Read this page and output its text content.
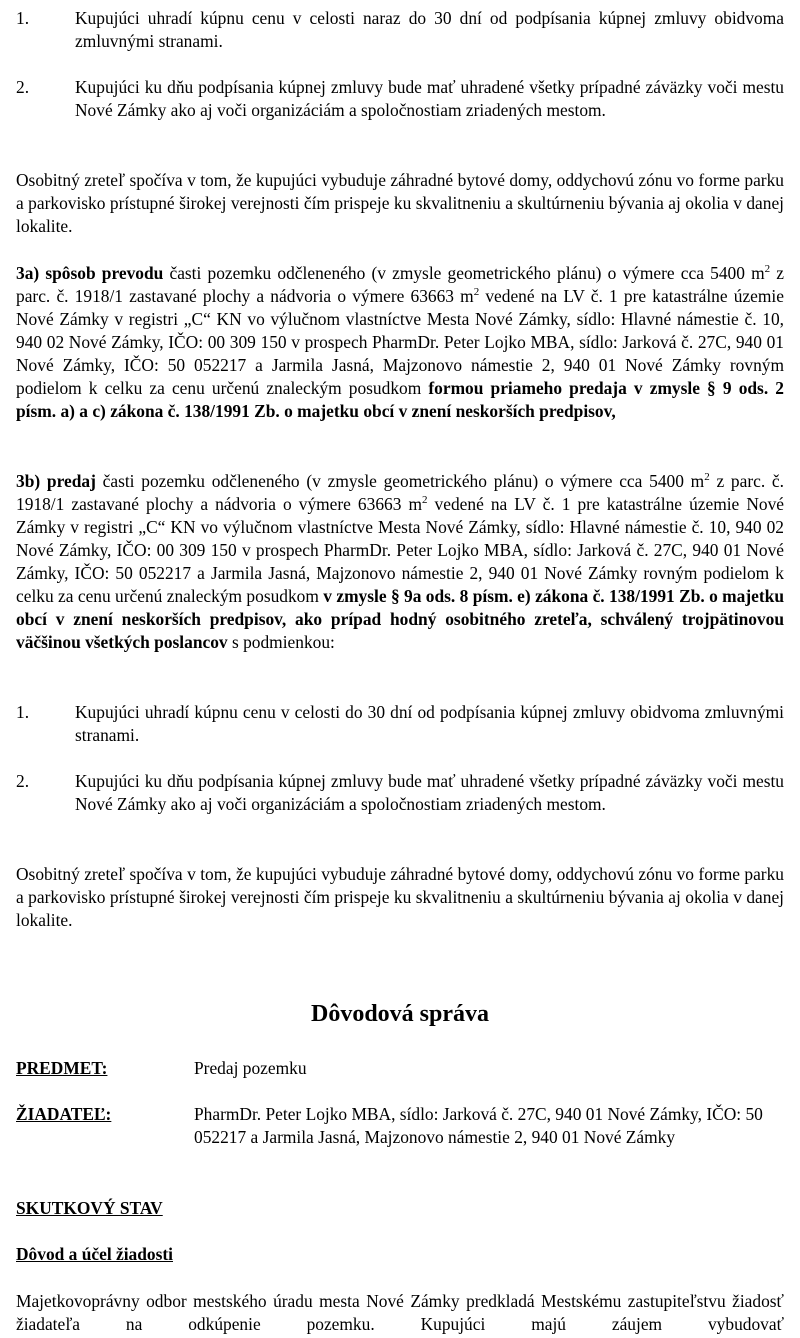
1.	Kupujúci uhradí kúpnu cenu v celosti naraz do 30 dní od podpísania kúpnej zmluvy obidvoma zmluvnými stranami.
2.	Kupujúci ku dňu podpísania kúpnej zmluvy bude mať uhradené všetky prípadné záväzky voči mestu Nové Zámky ako aj voči organizáciám a spoločnostiam zriadených mestom.
Osobitný zreteľ spočíva v tom, že kupujúci vybuduje záhradné bytové domy, oddychovú zónu vo forme parku a parkovisko prístupné širokej verejnosti čím prispeje ku skvalitneniu a skultúrneniu bývania aj okolia v danej lokalite.
3a) spôsob prevodu časti pozemku odčleneného (v zmysle geometrického plánu) o výmere cca 5400 $m^2$ z parc. č. 1918/1 zastavané plochy a nádvoria o výmere 63663 $m^2$ vedené na LV č. 1 pre katastrálne územie Nové Zámky v registri „C“ KN vo výlučnom vlastníctve Mesta Nové Zámky, sídlo: Hlavné námestie č. 10, 940 02 Nové Zámky, IČO: 00 309 150 v prospech PharmDr. Peter Lojko MBA, sídlo: Jarková č. 27C, 940 01 Nové Zámky, IČO: 50 052217 a Jarmila Jasná, Majzonovo námestie 2, 940 01 Nové Zámky rovným podielom k celku za cenu určenú znaleckým posudkom formou priameho predaja v zmysle § 9 ods. 2 písm. a) a c) zákona č. 138/1991 Zb. o majetku obcí v znení neskorších predpisov,
3b) predaj časti pozemku odčleneného (v zmysle geometrického plánu) o výmere cca 5400 $m^2$ z parc. č. 1918/1 zastavané plochy a nádvoria o výmere 63663 $m^2$ vedené na LV č. 1 pre katastrálne územie Nové Zámky v registri „C“ KN vo výlučnom vlastníctve Mesta Nové Zámky, sídlo: Hlavné námestie č. 10, 940 02 Nové Zámky, IČO: 00 309 150 v prospech PharmDr. Peter Lojko MBA, sídlo: Jarková č. 27C, 940 01 Nové Zámky, IČO: 50 052217 a Jarmila Jasná, Majzonovo námestie 2, 940 01 Nové Zámky rovným podielom k celku za cenu určenú znaleckým posudkom v zmysle § 9a ods. 8 písm. e) zákona č. 138/1991 Zb. o majetku obcí v znení neskorších predpisov, ako prípad hodný osobitného zreteľa, schválený trojpätinovou väčšinou všetkých poslancov s podmienkou:
1.	Kupujúci uhradí kúpnu cenu v celosti do 30 dní od podpísania kúpnej zmluvy obidvoma zmluvnými stranami.
2.	Kupujúci ku dňu podpísania kúpnej zmluvy bude mať uhradené všetky prípadné záväzky voči mestu Nové Zámky ako aj voči organizáciám a spoločnostiam zriadených mestom.
Osobitný zreteľ spočíva v tom, že kupujúci vybuduje záhradné bytové domy, oddychovú zónu vo forme parku a parkovisko prístupné širokej verejnosti čím prispeje ku skvalitneniu a skultúrneniu bývania aj okolia v danej lokalite.
Dôvodová správa
PREDMET:	Predaj pozemku
ŽIADATEĽ:	PharmDr. Peter Lojko MBA, sídlo: Jarková č. 27C, 940 01 Nové Zámky, IČO: 50 052217 a Jarmila Jasná, Majzonovo námestie 2, 940 01 Nové Zámky
SKUTKOVÝ STAV
Dôvod a účel žiadosti
Majetkovoprávny odbor mestského úradu mesta Nové Zámky predkladá Mestskému zastupiteľstvu žiadosť žiadateľa na odkúpenie pozemku. Kupujúci majú záujem vybudovať
